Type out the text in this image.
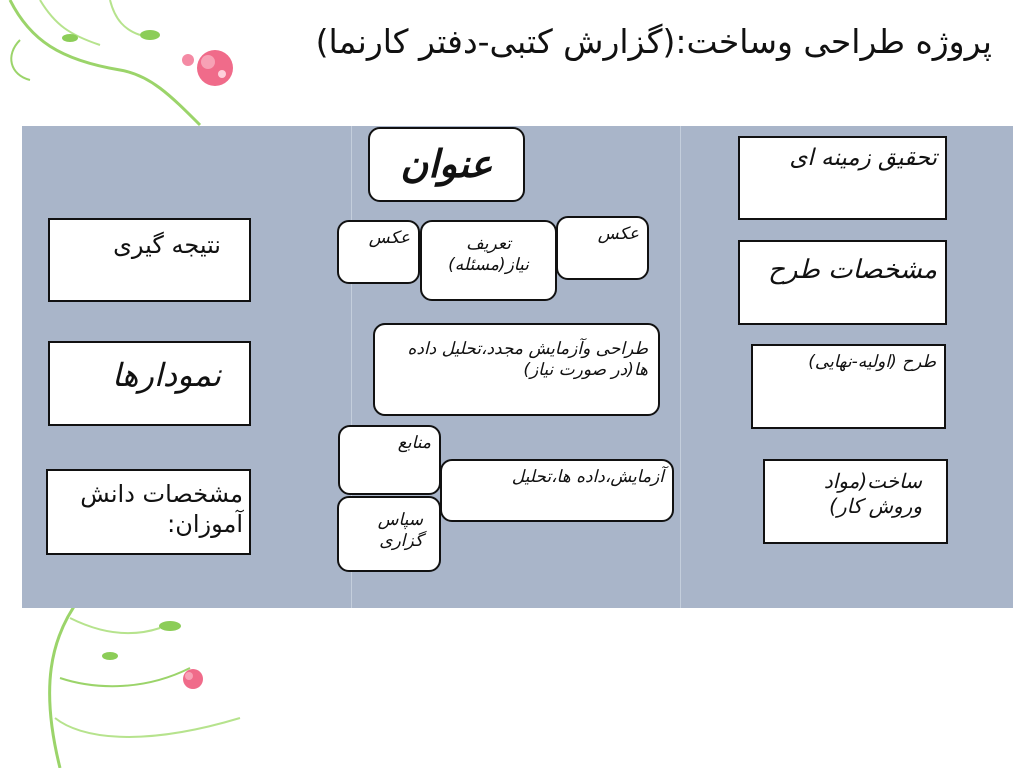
پروژه طراحی وساخت:(گزارش کتبی-دفتر کارنما)
عنوان
عکس	تعریف نیاز(مسئله)
عکس
طراحی وآزمایش مجدد،تحلیل داده ها(در صورت نیاز)
منابع
آزمایش،داده ها،تحلیل
سپاس گزاری
تحقیق زمینه ای
مشخصات طرح
طرح (اولیه-نهایی)
ساخت(مواد وروش کار)
نتیجه گیری
نمودارها
مشخصات دانش آموزان:
